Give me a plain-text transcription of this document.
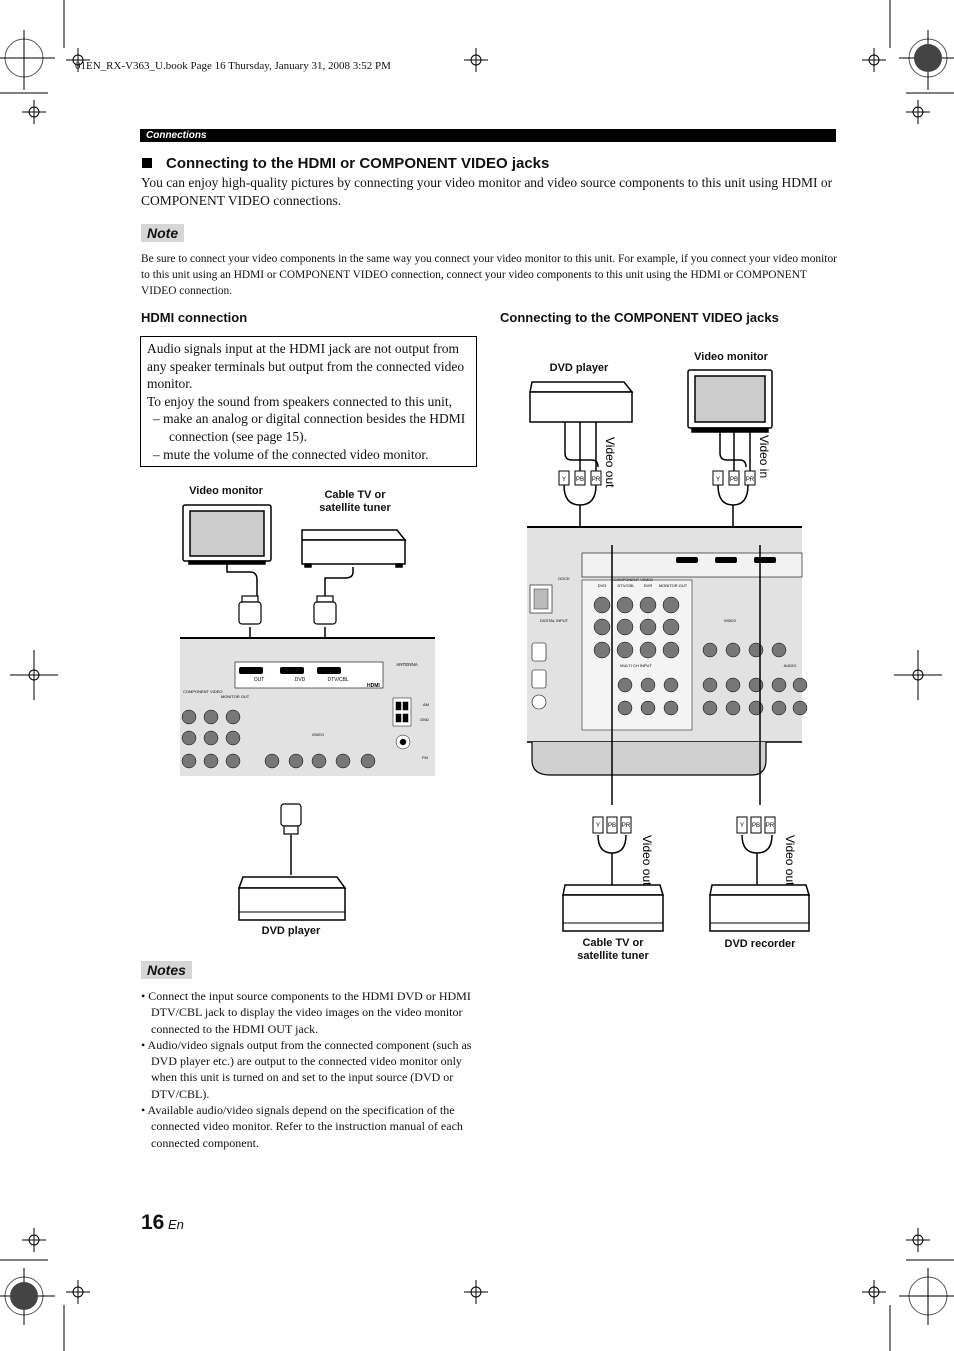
01EN_RX-V363_U.book Page 16 Thursday, January 31, 2008 3:52 PM
Connections
Connecting to the HDMI or COMPONENT VIDEO jacks
You can enjoy high-quality pictures by connecting your video monitor and video source components to this unit using HDMI or COMPONENT VIDEO connections.
Note
Be sure to connect your video components in the same way you connect your video monitor to this unit. For example, if you connect your video monitor to this unit using an HDMI or COMPONENT VIDEO connection, connect your video components to this unit using the HDMI or COMPONENT VIDEO connection.
HDMI connection	Connecting to the COMPONENT VIDEO jacks
Audio signals input at the HDMI jack are not output from any speaker terminals but output from the connected video monitor.
To enjoy the sound from speakers connected to this unit,
– make an analog or digital connection besides the HDMI connection (see page 15).
– mute the volume of the connected video monitor.
Video monitor	Cable TV or satellite tuner
DVD player
OUT	DVD	DTV/CBL
HDMI
ANTENNA
COMPONENT VIDEO
VIDEO
MONITOR OUT
AM
GND
FM
DVD player
Video monitor
Cable TV or satellite tuner
DVD recorder
Y PB PR	Y PB PR
Video out	Video in
COMPONENT VIDEO
DVD	DTV/CBL DVR MONITOR OUT
DOCK
DIGITAL INPUT
MULTI CH INPUT
VIDEO
AUDIO
Y PB PR	Y PB PR
Video out	Video out
Notes
• Connect the input source components to the HDMI DVD or HDMI DTV/CBL jack to display the video images on the video monitor connected to the HDMI OUT jack.
• Audio/video signals output from the connected component (such as DVD player etc.) are output to the connected video monitor only when this unit is turned on and set to the input source (DVD or DTV/CBL).
• Available audio/video signals depend on the specification of the connected video monitor. Refer to the instruction manual of each connected component.
16 En
